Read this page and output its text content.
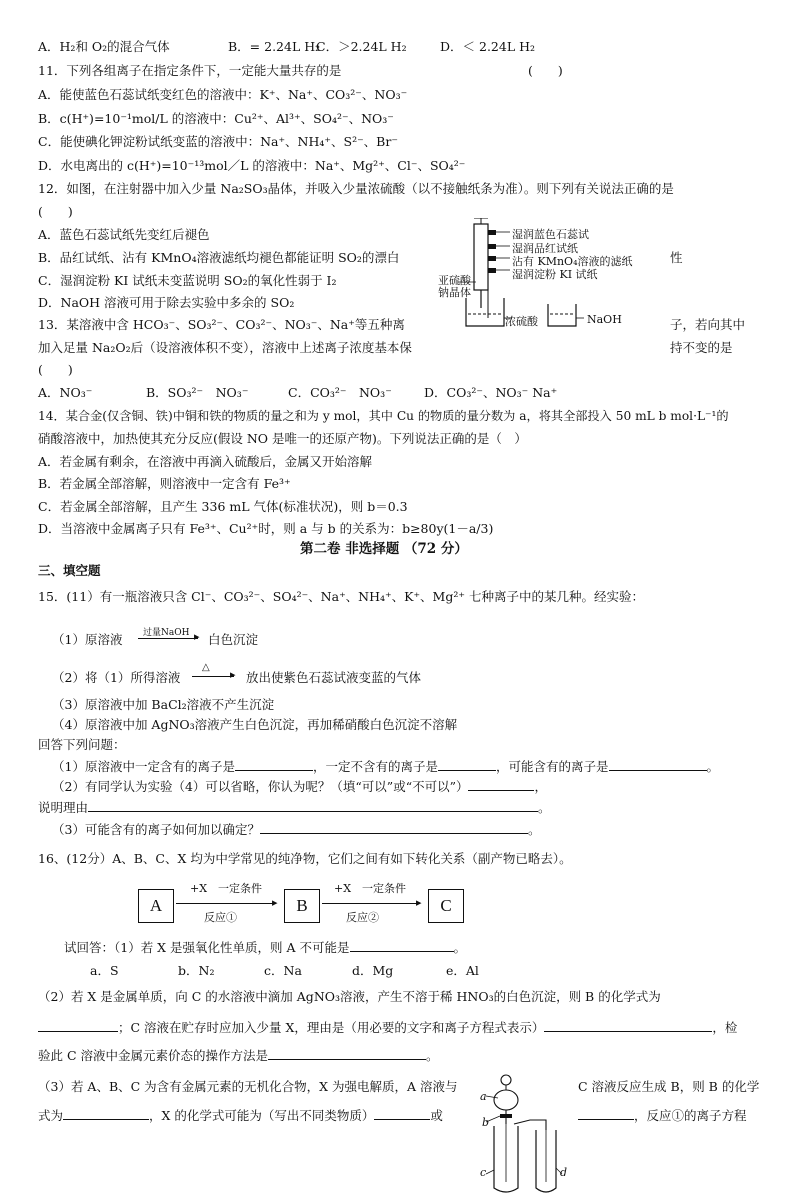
A．H₂和 O₂的混合气体	B．= 2.24L H₂
C．＞2.24L H₂	D．＜ 2.24L H₂
11．下列各组离子在指定条件下，一定能大量共存的是	(　　)
A．能使蓝色石蕊试纸变红色的溶液中：K⁺、Na⁺、CO₃²⁻、NO₃⁻
B．c(H⁺)=10⁻¹mol/L 的溶液中：Cu²⁺、Al³⁺、SO₄²⁻、NO₃⁻
C．能使碘化钾淀粉试纸变蓝的溶液中：Na⁺、NH₄⁺、S²⁻、Br⁻
D．水电离出的 c(H⁺)=10⁻¹³mol／L 的溶液中：Na⁺、Mg²⁺、Cl⁻、SO₄²⁻
12．如图，在注射器中加入少量 Na₂SO₃晶体，并吸入少量浓硫酸（以不接触纸条为准）。则下列有关说法正确的是
(　　)
A．蓝色石蕊试纸先变红后褪色
B．品红试纸、沾有 KMnO₄溶液滤纸均褪色都能证明 SO₂的漂白	性
C．湿润淀粉 KI 试纸未变蓝说明 SO₂的氧化性弱于 I₂
D．NaOH 溶液可用于除去实验中多余的 SO₂
湿润蓝色石蕊试
湿润品红试纸
沾有 KMnO₄溶液的滤纸
湿润淀粉 KI 试纸
亚硫酸
钠晶体
浓硫酸	NaOH
13．某溶液中含 HCO₃⁻、SO₃²⁻、CO₃²⁻、NO₃⁻、Na⁺等五种离	子，若向其中
加入足量 Na₂O₂后（设溶液体积不变），溶液中上述离子浓度基本保	持不变的是
(　　)
A．NO₃⁻	B．SO₃²⁻　NO₃⁻	C．CO₃²⁻　NO₃⁻	D．CO₃²⁻、NO₃⁻ Na⁺
14．某合金(仅含铜、铁)中铜和铁的物质的量之和为 y mol，其中 Cu 的物质的量分数为 a，将其全部投入 50 mL b mol·L⁻¹的
硝酸溶液中，加热使其充分反应(假设 NO 是唯一的还原产物)。下列说法正确的是（　）
A．若金属有剩余，在溶液中再滴入硫酸后，金属又开始溶解
B．若金属全部溶解，则溶液中一定含有 Fe³⁺
C．若金属全部溶解，且产生 336 mL 气体(标准状况)，则 b＝0.3
D．当溶液中金属离子只有 Fe³⁺、Cu²⁺时，则 a 与 b 的关系为：b≥80y(1－a/3)
第二卷 非选择题 （72 分）
三、填空题
15．(11）有一瓶溶液只含 Cl⁻、CO₃²⁻、SO₄²⁻、Na⁺、NH₄⁺、K⁺、Mg²⁺ 七种离子中的某几种。经实验：
（1）原溶液 过量NaOH ▸ 白色沉淀
（2）将（1）所得溶液
△
▸ 放出使紫色石蕊试液变蓝的气体
（3）原溶液中加 BaCl₂溶液不产生沉淀
（4）原溶液中加 AgNO₃溶液产生白色沉淀，再加稀硝酸白色沉淀不溶解
回答下列问题：
（1）原溶液中一定含有的离子是	，一定不含有的离子是	，可能含有的离子是	。
（2）有同学认为实验（4）可以省略，你认为呢？（填“可以”或“不可以”）	，
说明理由	。
（3）可能含有的离子如何加以确定？	。
16、(12分）A、B、C、X 均为中学常见的纯净物，它们之间有如下转化关系（副产物已略去）。
A	B	C
+X　一定条件
▸
反应①
+X　一定条件
▸
反应②
试回答：（1）若 X 是强氧化性单质，则 A 不可能是	。
a．S	b．N₂	c．Na	d．Mg	e．Al
（2）若 X 是金属单质，向 C 的水溶液中滴加 AgNO₃溶液，产生不溶于稀 HNO₃的白色沉淀，则 B 的化学式为
；C 溶液在贮存时应加入少量 X，理由是（用必要的文字和离子方程式表示）	，检
验此 C 溶液中金属元素价态的操作方法是	。
（3）若 A、B、C 为含有金属元素的无机化合物，X 为强电解质，A 溶液与	C 溶液反应生成 B，则 B 的化学
式为	，X 的化学式可能为（写出不同类物质）	或	，反应①的离子方程
a
b
c	d
